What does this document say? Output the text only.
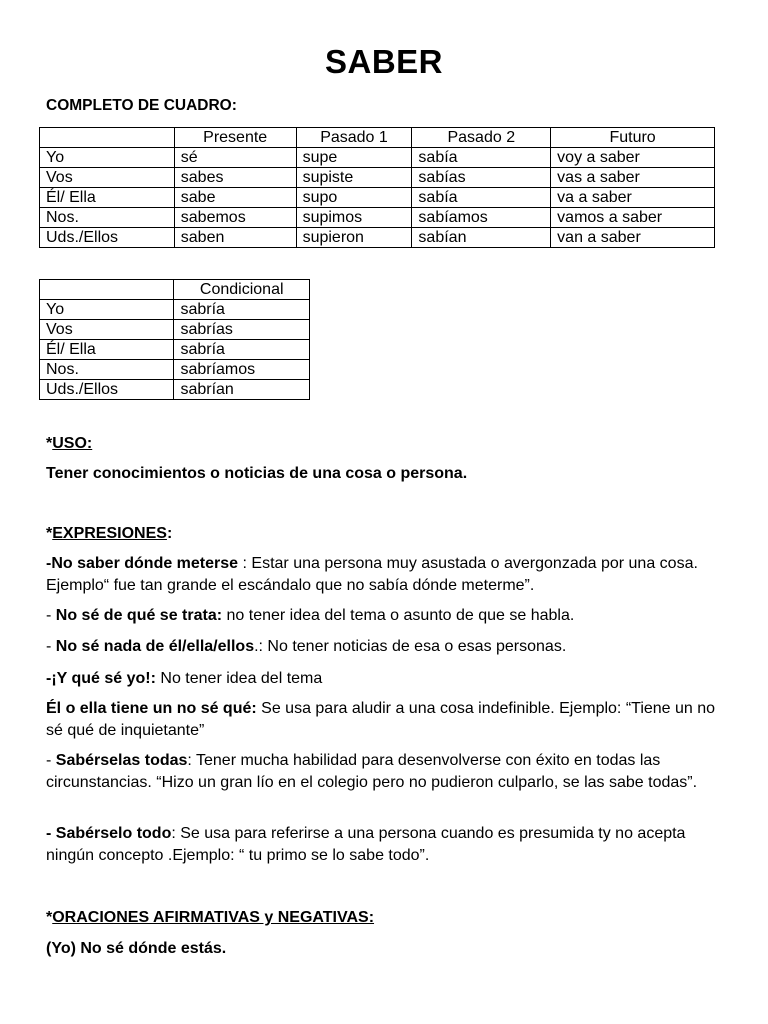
SABER
COMPLETO DE CUADRO:
	Presente	Pasado 1	Pasado 2	Futuro
Yo	sé	supe	sabía	voy a saber
Vos	sabes	supiste	sabías	vas a saber
Él/ Ella	sabe	supo	sabía	va a saber
Nos.	sabemos	supimos	sabíamos	vamos a saber
Uds./Ellos	saben	supieron	sabían	van a saber
	Condicional
Yo	sabría
Vos	sabrías
Él/ Ella	sabría
Nos.	sabríamos
Uds./Ellos	sabrían

*USO:

Tener conocimientos o noticias de una cosa o persona.

*EXPRESIONES:

-No saber dónde meterse : Estar una persona muy asustada o avergonzada por una cosa. Ejemplo“ fue tan grande el escándalo que no sabía dónde meterme”.

- No sé de qué se trata: no tener idea del tema o asunto de que se habla.

- No sé nada de él/ella/ellos.: No tener noticias de esa o esas personas.

-¡Y qué sé yo!: No tener idea del tema

Él o ella tiene un no sé qué: Se usa para aludir a una cosa indefinible. Ejemplo: “Tiene un no sé qué de inquietante”

- Sabérselas todas: Tener mucha habilidad para desenvolverse con éxito en todas las circunstancias. “Hizo un gran lío en el colegio pero no pudieron culparlo, se las sabe todas”.

- Sabérselo todo: Se usa para referirse a una persona cuando es presumida ty no acepta ningún concepto .Ejemplo: “ tu primo se lo sabe todo”.

*ORACIONES AFIRMATIVAS y NEGATIVAS:

(Yo) No sé dónde estás.
